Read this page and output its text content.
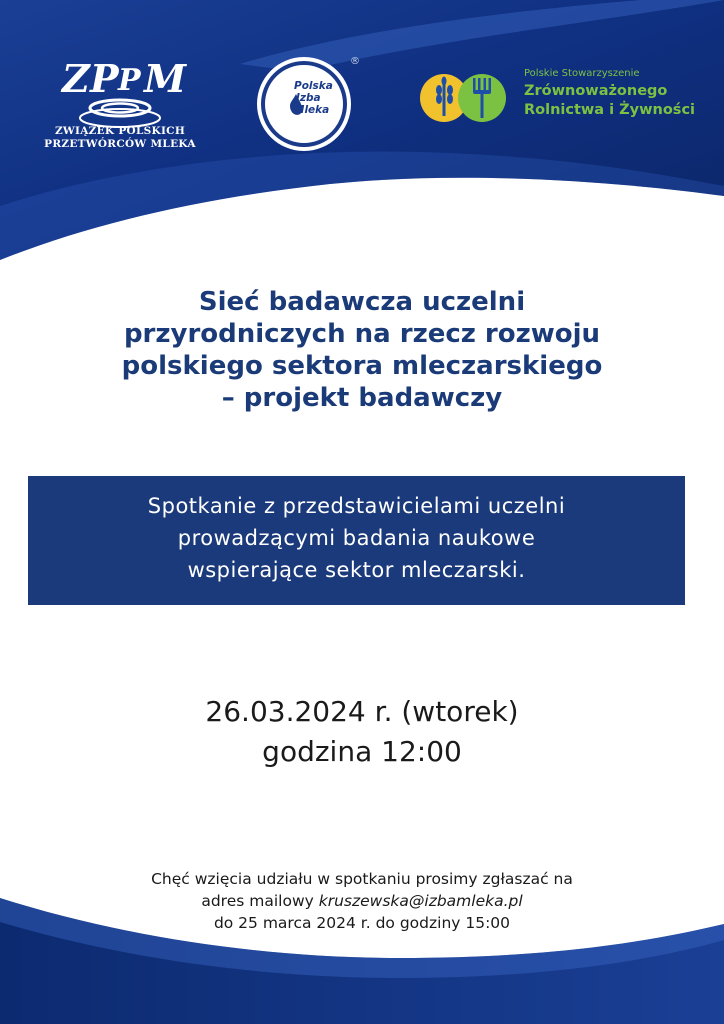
Z P P M
ZWIĄZEK POLSKICH
PRZETWÓRCÓW MLEKA
®
Polska
Izba
Mleka
Polskie Stowarzyszenie
Zrównoważonego
Rolnictwa i Żywności
Sieć badawcza uczelni
przyrodniczych na rzecz rozwoju
polskiego sektora mleczarskiego
– projekt badawczy
Spotkanie z przedstawicielami uczelni
prowadzącymi badania naukowe
wspierające sektor mleczarski.
26.03.2024 r. (wtorek)
godzina 12:00
Chęć wzięcia udziału w spotkaniu prosimy zgłaszać na
adres mailowy kruszewska@izbamleka.pl
do 25 marca 2024 r. do godziny 15:00
